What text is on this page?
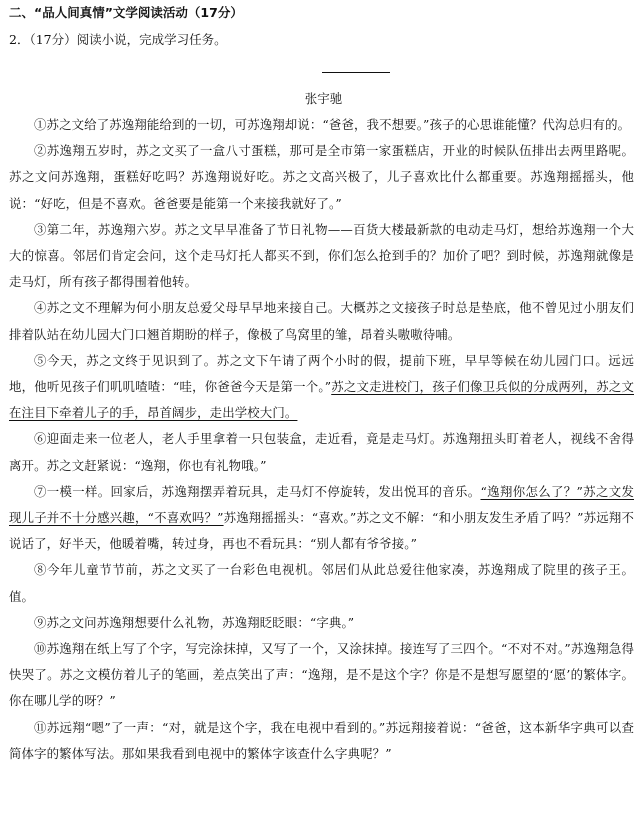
二、“品人间真情”文学阅读活动（17分）
2．（17分）阅读小说，完成学习任务。
张宇驰

①苏之文给了苏逸翔能给到的一切，可苏逸翔却说：“爸爸，我不想要。”孩子的心思谁能懂？代沟总归有的。

②苏逸翔五岁时，苏之文买了一盒八寸蛋糕，那可是全市第一家蛋糕店，开业的时候队伍排出去两里路呢。苏之文问苏逸翔，蛋糕好吃吗？苏逸翔说好吃。苏之文高兴极了，儿子喜欢比什么都重要。苏逸翔摇摇头，他说：“好吃，但是不喜欢。爸爸要是能第一个来接我就好了。”

③第二年，苏逸翔六岁。苏之文早早准备了节日礼物——百货大楼最新款的电动走马灯，想给苏逸翔一个大大的惊喜。邻居们肯定会问，这个走马灯托人都买不到，你们怎么抢到手的？加价了吧？到时候，苏逸翔就像是走马灯，所有孩子都得围着他转。

④苏之文不理解为何小朋友总爱父母早早地来接自己。大概苏之文接孩子时总是垫底，他不曾见过小朋友们排着队站在幼儿园大门口翘首期盼的样子，像极了鸟窝里的雏，昂着头嗷嗷待哺。

⑤今天，苏之文终于见识到了。苏之文下午请了两个小时的假，提前下班，早早等候在幼儿园门口。远远地，他听见孩子们叽叽喳喳：“哇，你爸爸今天是第一个。”苏之文走进校门，孩子们像卫兵似的分成两列，苏之文在注目下牵着儿子的手，昂首阔步，走出学校大门。

⑥迎面走来一位老人，老人手里拿着一只包装盒，走近看，竟是走马灯。苏逸翔扭头盯着老人，视线不舍得离开。苏之文赶紧说：“逸翔，你也有礼物哦。”

⑦一模一样。回家后，苏逸翔摆弄着玩具，走马灯不停旋转，发出悦耳的音乐。“逸翔你怎么了？”苏之文发现儿子并不十分感兴趣，“不喜欢吗？”苏逸翔摇摇头：“喜欢。”苏之文不解：“和小朋友发生矛盾了吗？”苏远翔不说话了，好半天，他暖着嘴，转过身，再也不看玩具：“别人都有爷爷接。”

⑧今年儿童节节前，苏之文买了一台彩色电视机。邻居们从此总爱往他家凑，苏逸翔成了院里的孩子王。值。

⑨苏之文问苏逸翔想要什么礼物，苏逸翔眨眨眼：“字典。”

⑩苏逸翔在纸上写了个字，写完涂抹掉，又写了一个，又涂抹掉。接连写了三四个。“不对不对。”苏逸翔急得快哭了。苏之文模仿着儿子的笔画，差点笑出了声：“逸翔，是不是这个字？你是不是想写愿望的‘愿’的繁体字。你在哪儿学的呀？”

⑪苏远翔“嗯”了一声：“对，就是这个字，我在电视中看到的。”苏远翔接着说：“爸爸，这本新华字典可以查简体字的繁体写法。那如果我看到电视中的繁体字该查什么字典呢？”
